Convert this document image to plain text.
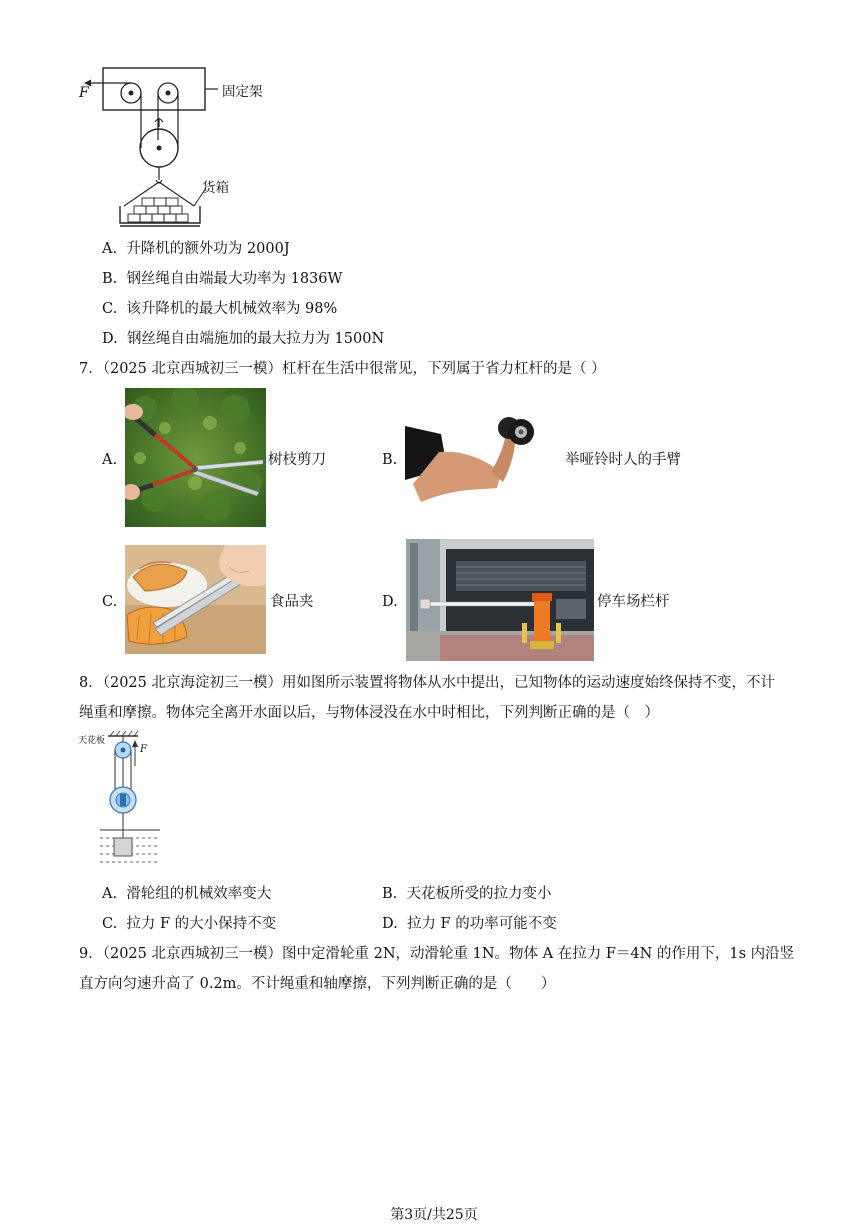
F	固定架
货箱
A. 升降机的额外功为 2000J
B. 钢丝绳自由端最大功率为 1836W
C. 该升降机的最大机械效率为 98%
D. 钢丝绳自由端施加的最大拉力为 1500N
7．（2025 北京西城初三一模）杠杆在生活中很常见，下列属于省力杠杆的是（ ）
A.	树枝剪刀	B.	举哑铃时人的手臂
C.	食品夹	D.	停车场栏杆
8．（2025 北京海淀初三一模）用如图所示装置将物体从水中提出，已知物体的运动速度始终保持不变，不计
绳重和摩擦。物体完全离开水面以后，与物体浸没在水中时相比，下列判断正确的是（　）
天花板
F
A. 滑轮组的机械效率变大	B. 天花板所受的拉力变小
C. 拉力 F 的大小保持不变	D. 拉力 F 的功率可能不变
9．（2025 北京西城初三一模）图中定滑轮重 2N，动滑轮重 1N。物体 A 在拉力 F＝4N 的作用下，1s 内沿竖
直方向匀速升高了 0.2m。不计绳重和轴摩擦，下列判断正确的是（　　）
第3页/共25页
